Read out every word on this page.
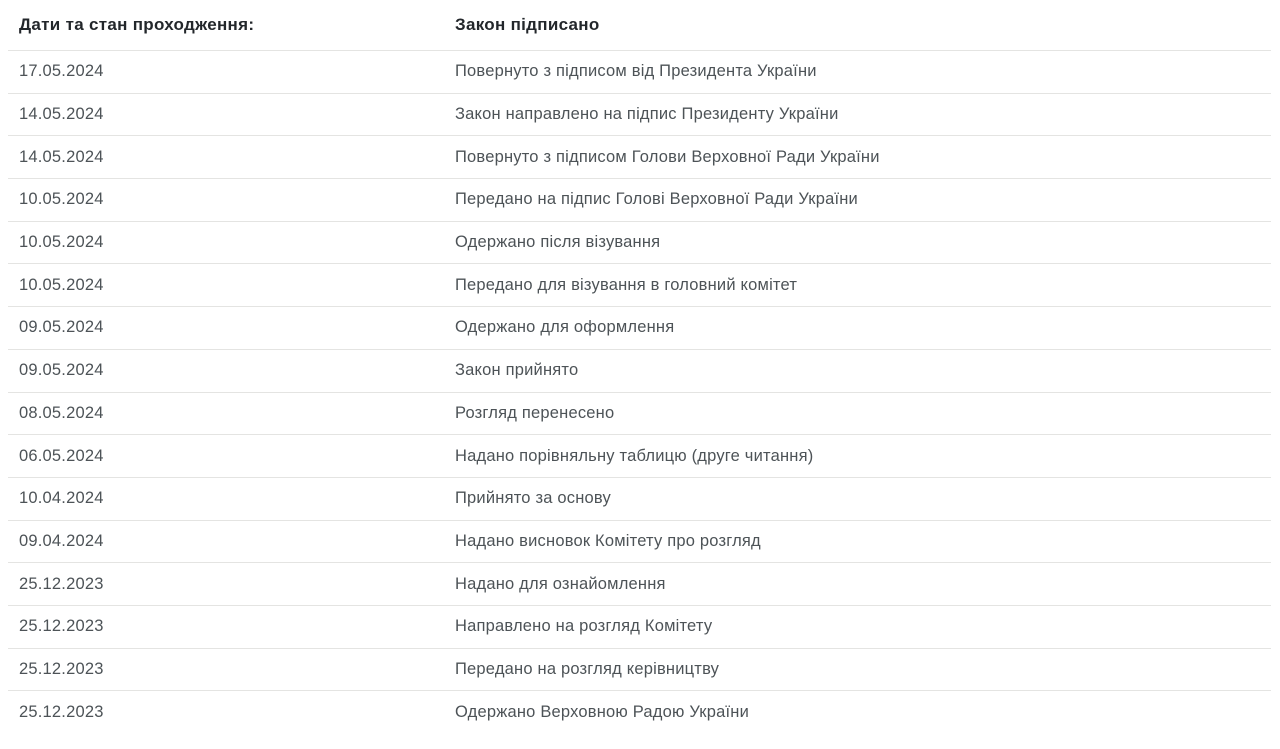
Дати та стан проходження:	Закон підписано
17.05.2024	Повернуто з підписом від Президента України
14.05.2024	Закон направлено на підпис Президенту України
14.05.2024	Повернуто з підписом Голови Верховної Ради України
10.05.2024	Передано на підпис Голові Верховної Ради України
10.05.2024	Одержано після візування
10.05.2024	Передано для візування в головний комітет
09.05.2024	Одержано для оформлення
09.05.2024	Закон прийнято
08.05.2024	Розгляд перенесено
06.05.2024	Надано порівняльну таблицю (друге читання)
10.04.2024	Прийнято за основу
09.04.2024	Надано висновок Комітету про розгляд
25.12.2023	Надано для ознайомлення
25.12.2023	Направлено на розгляд Комітету
25.12.2023	Передано на розгляд керівництву
25.12.2023	Одержано Верховною Радою України
